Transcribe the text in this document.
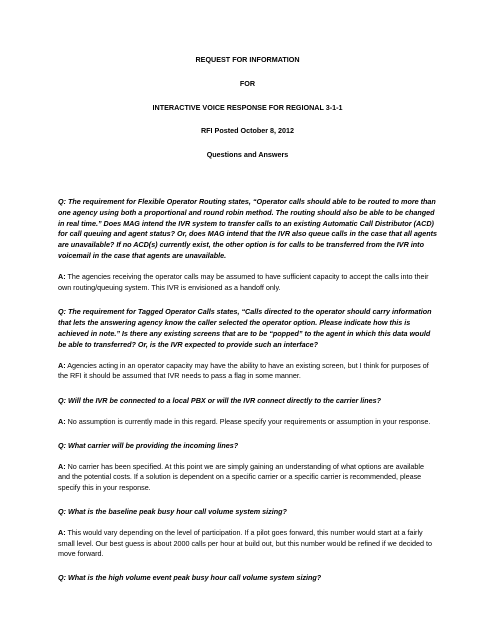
REQUEST FOR INFORMATION
FOR
INTERACTIVE VOICE RESPONSE FOR REGIONAL 3-1-1
RFI Posted October 8, 2012
Questions and Answers

Q: The requirement for Flexible Operator Routing states, “Operator calls should able to be routed to more than one agency using both a proportional and round robin method. The routing should also be able to be changed in real time.” Does MAG intend the IVR system to transfer calls to an existing Automatic Call Distributor (ACD) for call queuing and agent status? Or, does MAG intend that the IVR also queue calls in the case that all agents are unavailable? If no ACD(s) currently exist, the other option is for calls to be transferred from the IVR into voicemail in the case that agents are unavailable.

A: The agencies receiving the operator calls may be assumed to have sufficient capacity to accept the calls into their own routing/queuing system. This IVR is envisioned as a handoff only.

Q: The requirement for Tagged Operator Calls states, “Calls directed to the operator should carry information that lets the answering agency know the caller selected the operator option. Please indicate how this is achieved in note.” Is there any existing screens that are to be “popped” to the agent in which this data would be able to transferred? Or, is the IVR expected to provide such an interface?

A: Agencies acting in an operator capacity may have the ability to have an existing screen, but I think for purposes of the RFI it should be assumed that IVR needs to pass a flag in some manner.

Q: Will the IVR be connected to a local PBX or will the IVR connect directly to the carrier lines?

A: No assumption is currently made in this regard. Please specify your requirements or assumption in your response.

Q: What carrier will be providing the incoming lines?

A: No carrier has been specified. At this point we are simply gaining an understanding of what options are available and the potential costs. If a solution is dependent on a specific carrier or a specific carrier is recommended, please specify this in your response.

Q: What is the baseline peak busy hour call volume system sizing?

A: This would vary depending on the level of participation. If a pilot goes forward, this number would start at a fairly small level. Our best guess is about 2000 calls per hour at build out, but this number would be refined if we decided to move forward.

Q: What is the high volume event peak busy hour call volume system sizing?
